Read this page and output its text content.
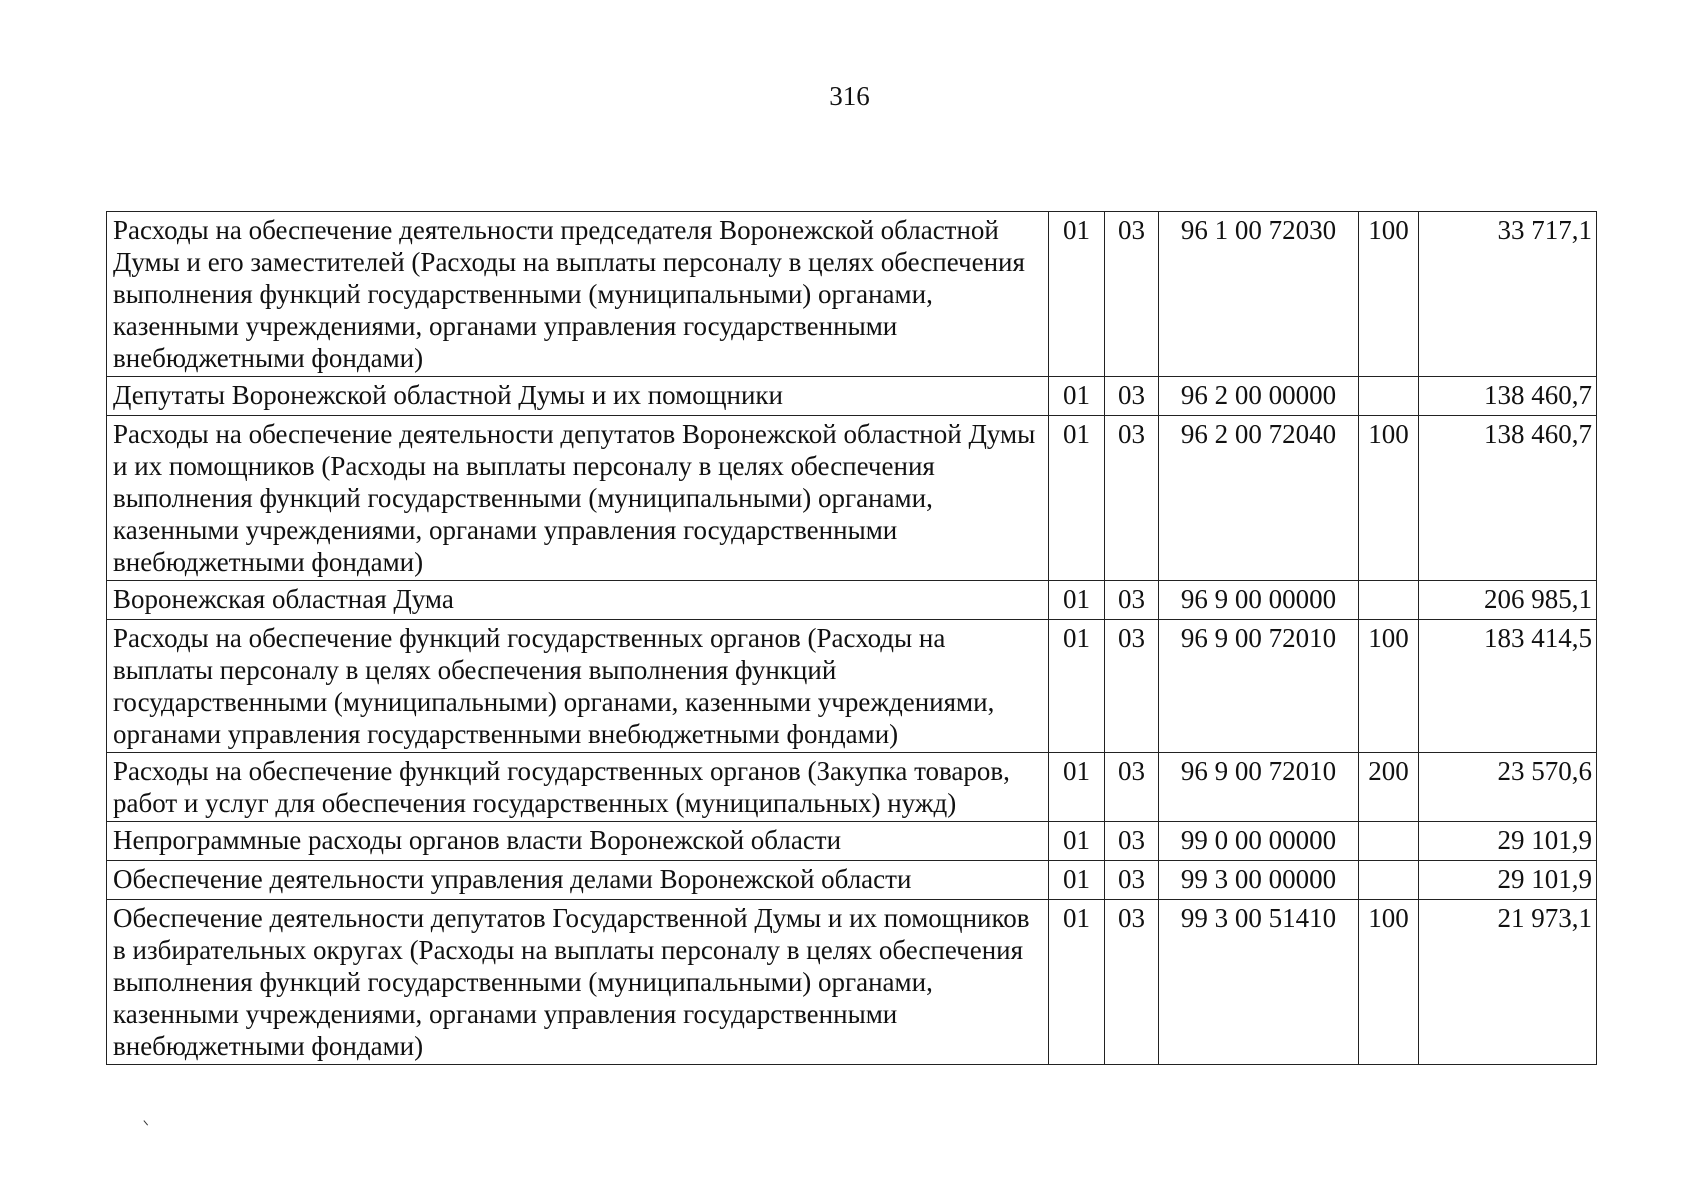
316
Расходы на обеспечение деятельности председателя Воронежской областной Думы и его заместителей (Расходы на выплаты персоналу в целях обеспечения выполнения функций государственными (муниципальными) органами, казенными учреждениями, органами управления государственными внебюджетными фондами)	01	03	96 1 00 72030	100	33 717,1
Депутаты Воронежской областной Думы и их помощники	01	03	96 2 00 00000		138 460,7
Расходы на обеспечение деятельности депутатов Воронежской областной Думы и их помощников (Расходы на выплаты персоналу в целях обеспечения выполнения функций государственными (муниципальными) органами, казенными учреждениями, органами управления государственными внебюджетными фондами)	01	03	96 2 00 72040	100	138 460,7
Воронежская областная Дума	01	03	96 9 00 00000		206 985,1
Расходы на обеспечение функций государственных органов (Расходы на выплаты персоналу в целях обеспечения выполнения функций государственными (муниципальными) органами, казенными учреждениями, органами управления государственными внебюджетными фондами)	01	03	96 9 00 72010	100	183 414,5
Расходы на обеспечение функций государственных органов (Закупка товаров, работ и услуг для обеспечения государственных (муниципальных) нужд)	01	03	96 9 00 72010	200	23 570,6
Непрограммные расходы органов власти Воронежской области	01	03	99 0 00 00000		29 101,9
Обеспечение деятельности управления делами Воронежской области	01	03	99 3 00 00000		29 101,9
Обеспечение деятельности депутатов Государственной Думы и их помощников в избирательных округах (Расходы на выплаты персоналу в целях обеспечения выполнения функций государственными (муниципальными) органами, казенными учреждениями, органами управления государственными внебюджетными фондами)	01	03	99 3 00 51410	100	21 973,1
